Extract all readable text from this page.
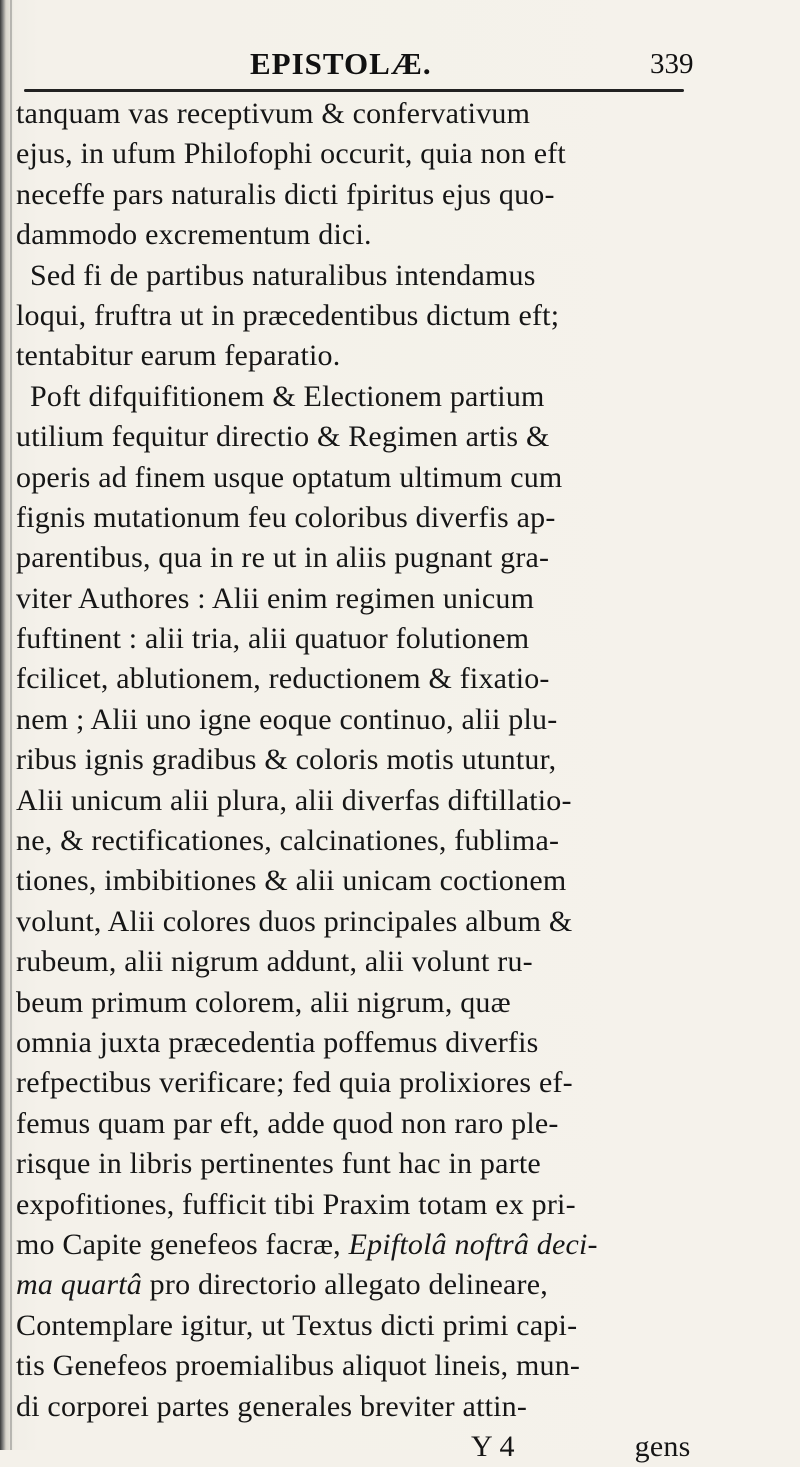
EPISTOLÆ.	339
tanquam vas receptivum & confervativum
ejus, in ufum Philofophi occurit, quia non eft
neceffe pars naturalis dicti fpiritus ejus quo-
dammodo excrementum dici.
Sed fi de partibus naturalibus intendamus
loqui, fruftra ut in præcedentibus dictum eft;
tentabitur earum feparatio.
Poft difquifitionem & Electionem partium
utilium fequitur directio & Regimen artis &
operis ad finem usque optatum ultimum cum
fignis mutationum feu coloribus diverfis ap-
parentibus, qua in re ut in aliis pugnant gra-
viter Authores : Alii enim regimen unicum
fuftinent : alii tria, alii quatuor folutionem
fcilicet, ablutionem, reductionem & fixatio-
nem ; Alii uno igne eoque continuo, alii plu-
ribus ignis gradibus & coloris motis utuntur,
Alii unicum alii plura, alii diverfas diftillatio-
ne, & rectificationes, calcinationes, fublima-
tiones, imbibitiones & alii unicam coctionem
volunt, Alii colores duos principales album &
rubeum, alii nigrum addunt, alii volunt ru-
beum primum colorem, alii nigrum, quæ
omnia juxta præcedentia poffemus diverfis
refpectibus verificare; fed quia prolixiores ef-
femus quam par eft, adde quod non raro ple-
risque in libris pertinentes funt hac in parte
expofitiones, fufficit tibi Praxim totam ex pri-
mo Capite genefeos facræ, Epiftolâ noftrâ deci-
ma quartâ pro directorio allegato delineare,
Contemplare igitur, ut Textus dicti primi capi-
tis Genefeos proemialibus aliquot lineis, mun-
di corporei partes generales breviter attin-
Y 4	gens
